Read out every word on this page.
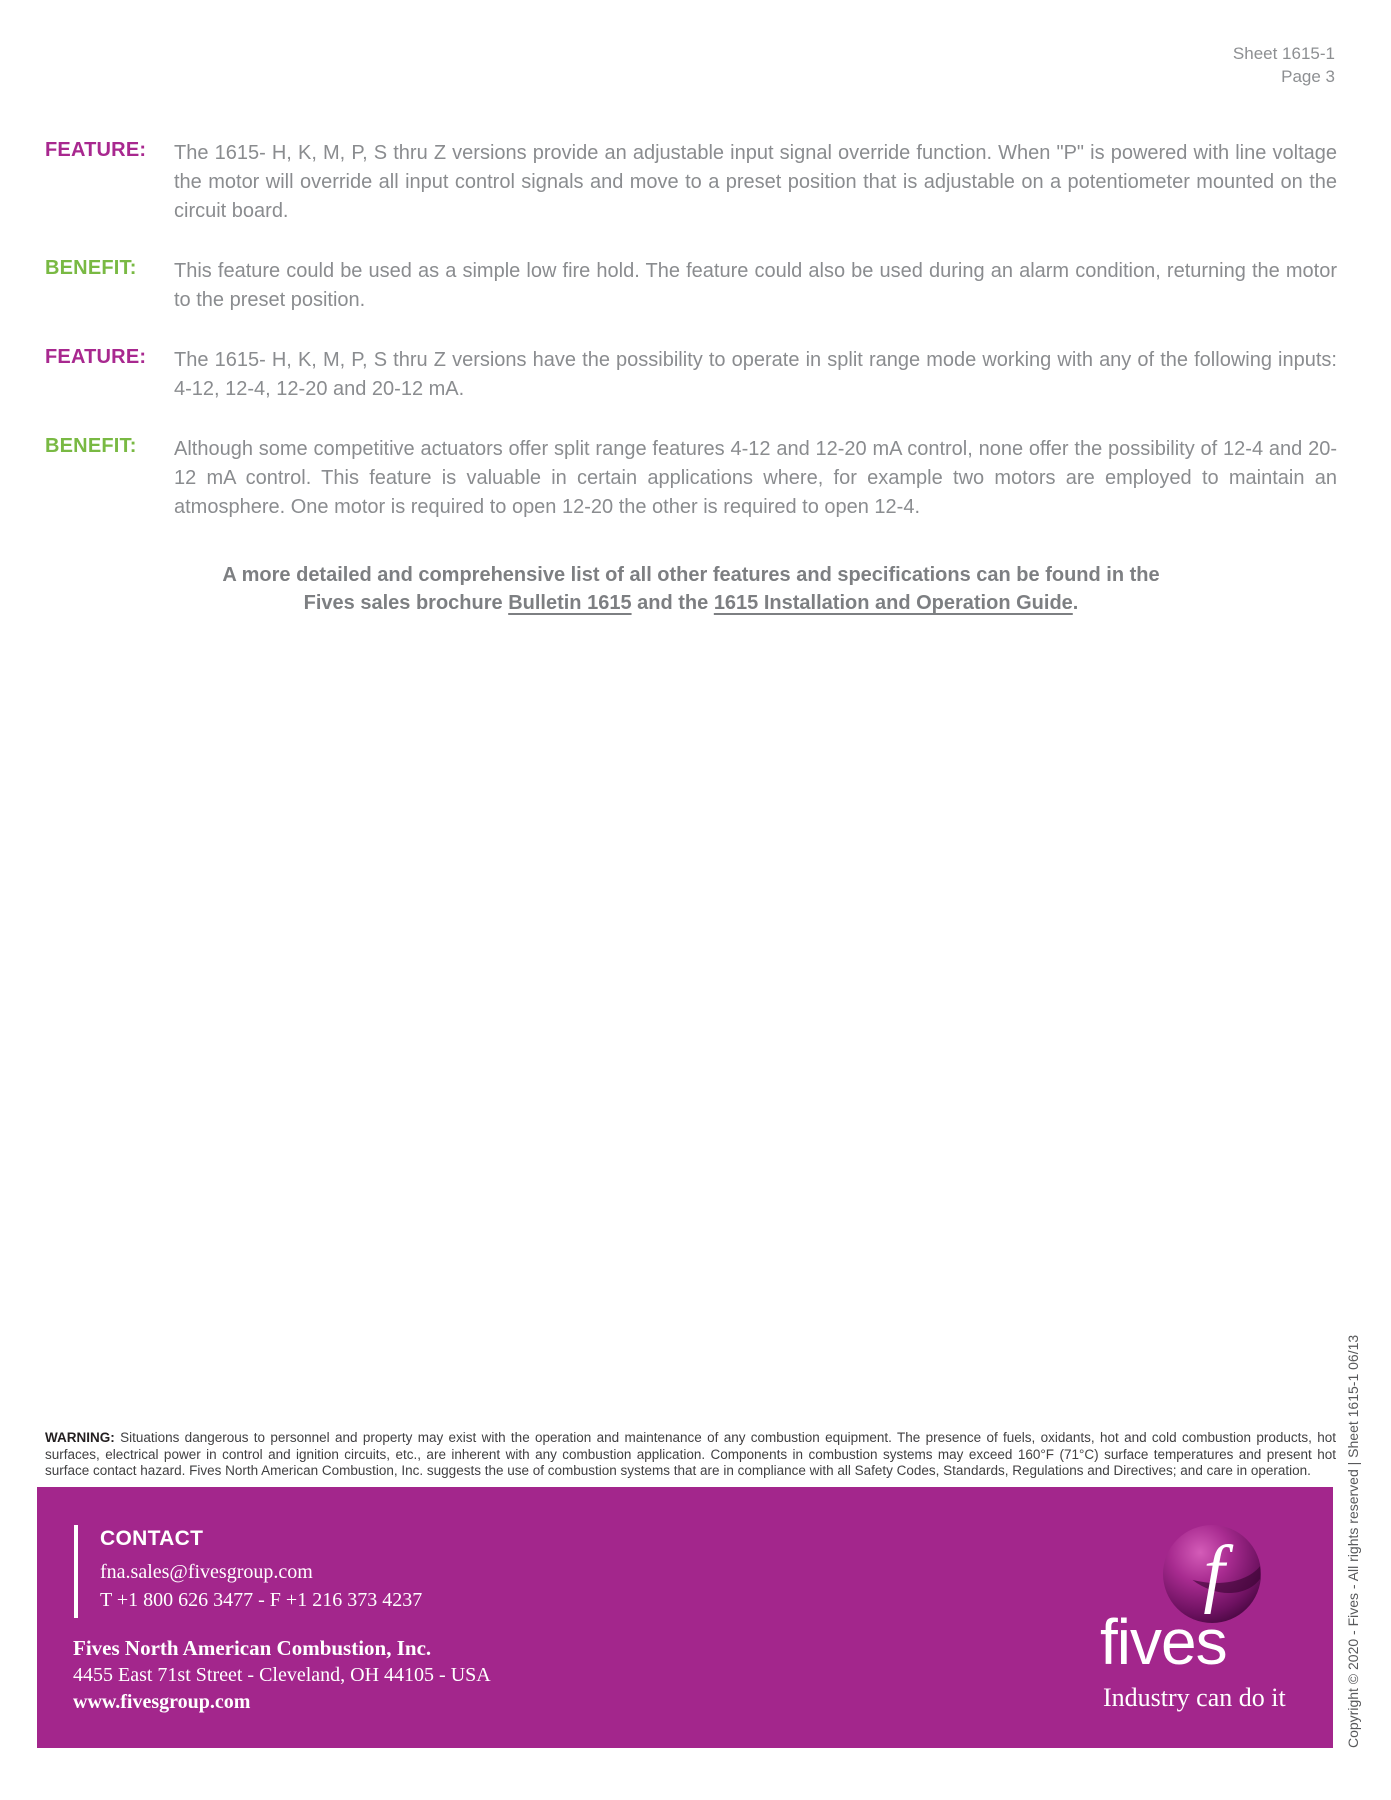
Sheet 1615-1
Page 3
FEATURE:	The 1615- H, K, M, P, S thru Z versions provide an adjustable input signal override function. When "P" is powered with line voltage the motor will override all input control signals and move to a preset position that is adjustable on a potentiometer mounted on the circuit board.

BENEFIT:	This feature could be used as a simple low fire hold. The feature could also be used during an alarm condition, returning the motor to the preset position.

FEATURE:	The 1615- H, K, M, P, S thru Z versions have the possibility to operate in split range mode working with any of the following inputs: 4-12, 12-4, 12-20 and 20-12 mA.

BENEFIT:	Although some competitive actuators offer split range features 4-12 and 12-20 mA control, none offer the possibility of 12-4 and 20-12 mA control. This feature is valuable in certain applications where, for example two motors are employed to maintain an atmosphere. One motor is required to open 12-20 the other is required to open 12-4.

A more detailed and comprehensive list of all other features and specifications can be found in the
Fives sales brochure Bulletin 1615 and the 1615 Installation and Operation Guide.

WARNING: Situations dangerous to personnel and property may exist with the operation and maintenance of any combustion equipment. The presence of fuels, oxidants, hot and cold combustion products, hot surfaces, electrical power in control and ignition circuits, etc., are inherent with any combustion application. Components in combustion systems may exceed 160°F (71°C) surface temperatures and present hot surface contact hazard. Fives North American Combustion, Inc. suggests the use of combustion systems that are in compliance with all Safety Codes, Standards, Regulations and Directives; and care in operation.

CONTACT
fna.sales@fivesgroup.com
T +1 800 626 3477 - F +1 216 373 4237
Fives North American Combustion, Inc.
4455 East 71st Street - Cleveland, OH 44105 - USA
www.fivesgroup.com
f
fives
Industry can do it	Copyright © 2020 - Fives - All rights reserved | Sheet 1615-1 06/13
